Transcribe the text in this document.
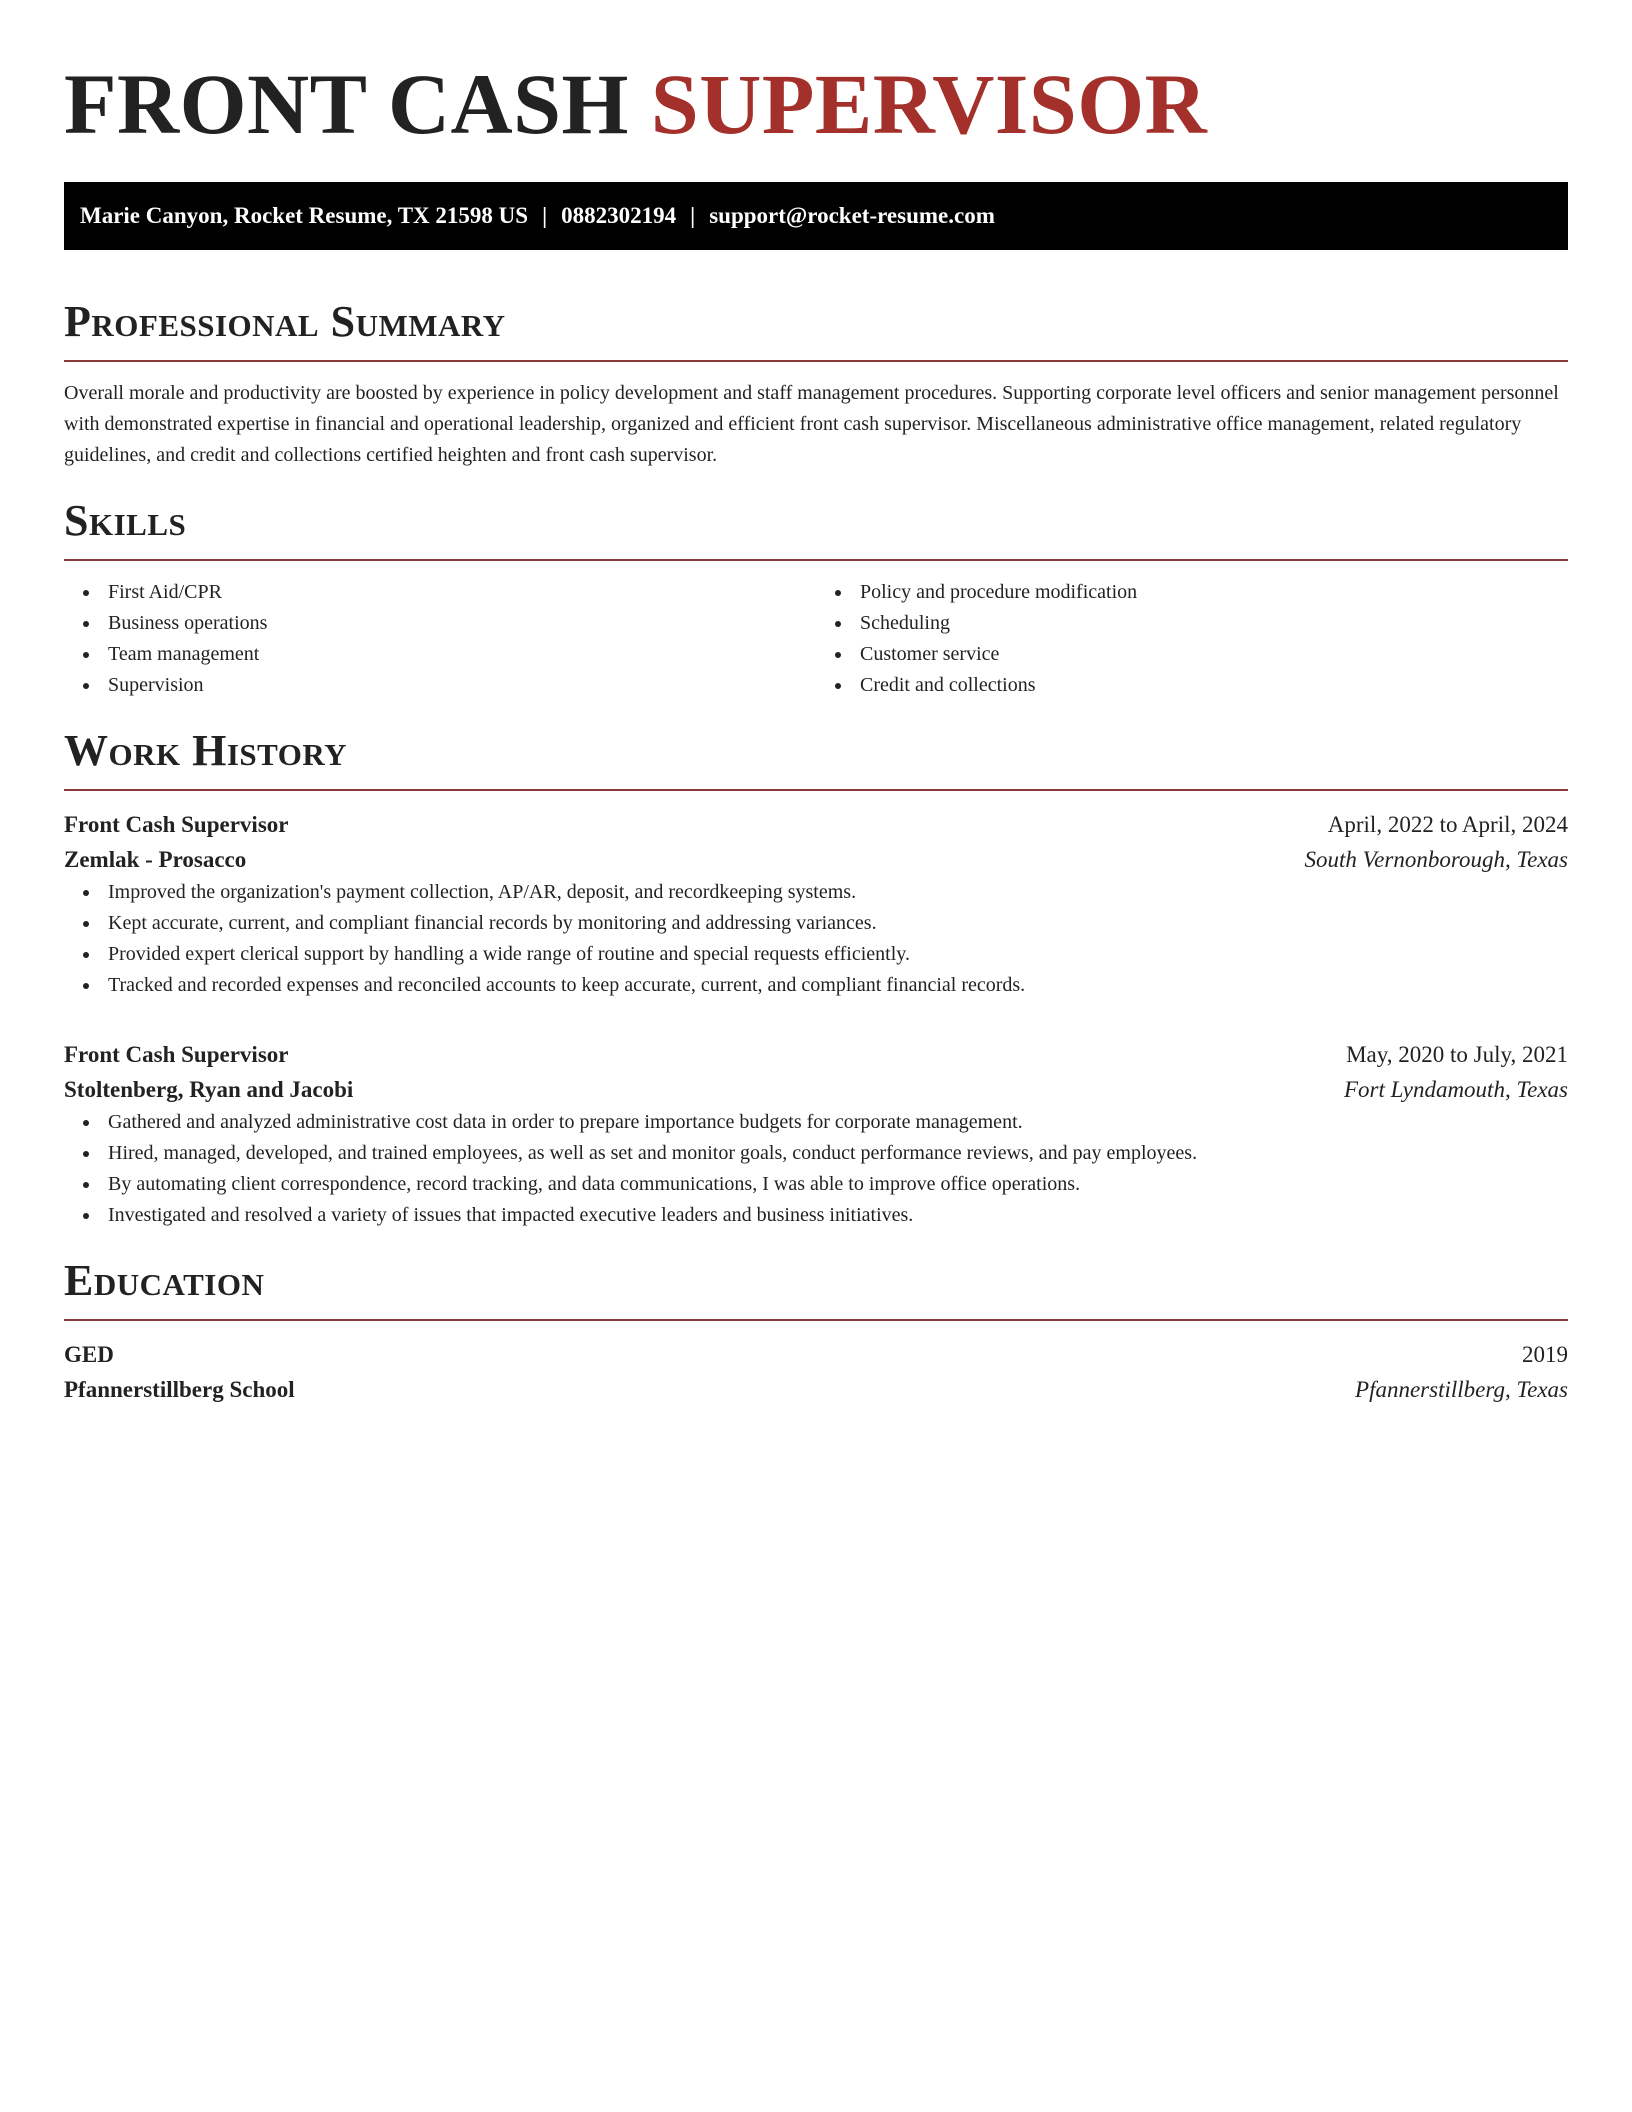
FRONT CASH SUPERVISOR
Marie Canyon, Rocket Resume, TX 21598 US | 0882302194 | support@rocket-resume.com
Professional Summary

Overall morale and productivity are boosted by experience in policy development and staff management procedures. Supporting corporate level officers and senior management personnel with demonstrated expertise in financial and operational leadership, organized and efficient front cash supervisor. Miscellaneous administrative office management, related regulatory guidelines, and credit and collections certified heighten and front cash supervisor.

Skills
First Aid/CPR
Business operations
Team management
Supervision
Policy and procedure modification
Scheduling
Customer service
Credit and collections
Work History
Front Cash Supervisor	April, 2022 to April, 2024
Zemlak - Prosacco	South Vernonborough, Texas
Improved the organization's payment collection, AP/AR, deposit, and recordkeeping systems.
Kept accurate, current, and compliant financial records by monitoring and addressing variances.
Provided expert clerical support by handling a wide range of routine and special requests efficiently.
Tracked and recorded expenses and reconciled accounts to keep accurate, current, and compliant financial records.
Front Cash Supervisor	May, 2020 to July, 2021
Stoltenberg, Ryan and Jacobi	Fort Lyndamouth, Texas
Gathered and analyzed administrative cost data in order to prepare importance budgets for corporate management.
Hired, managed, developed, and trained employees, as well as set and monitor goals, conduct performance reviews, and pay employees.
By automating client correspondence, record tracking, and data communications, I was able to improve office operations.
Investigated and resolved a variety of issues that impacted executive leaders and business initiatives.
Education
GED	2019
Pfannerstillberg School	Pfannerstillberg, Texas
